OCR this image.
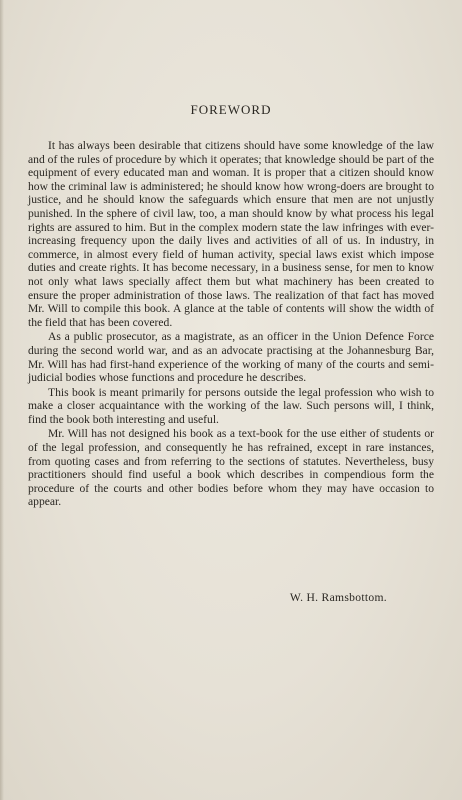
FOREWORD

It has always been desirable that citizens should have some knowledge of the law and of the rules of procedure by which it operates; that knowledge should be part of the equipment of every educated man and woman. It is proper that a citizen should know how the criminal law is administered; he should know how wrong-doers are brought to justice, and he should know the safeguards which ensure that men are not unjustly punished. In the sphere of civil law, too, a man should know by what process his legal rights are assured to him. But in the complex modern state the law infringes with ever-increasing frequency upon the daily lives and activities of all of us. In industry, in commerce, in almost every field of human activity, special laws exist which impose duties and create rights. It has become necessary, in a business sense, for men to know not only what laws specially affect them but what machinery has been created to ensure the proper administration of those laws. The realization of that fact has moved Mr. Will to compile this book. A glance at the table of contents will show the width of the field that has been covered.

As a public prosecutor, as a magistrate, as an officer in the Union Defence Force during the second world war, and as an advocate practising at the Johannesburg Bar, Mr. Will has had first-hand experience of the working of many of the courts and semi-judicial bodies whose functions and procedure he describes.

This book is meant primarily for persons outside the legal profession who wish to make a closer acquaintance with the working of the law. Such persons will, I think, find the book both interesting and useful.

Mr. Will has not designed his book as a text-book for the use either of students or of the legal profession, and consequently he has refrained, except in rare instances, from quoting cases and from referring to the sections of statutes. Nevertheless, busy practitioners should find useful a book which describes in compendious form the procedure of the courts and other bodies before whom they may have occasion to appear.

W. H. Ramsbottom.
